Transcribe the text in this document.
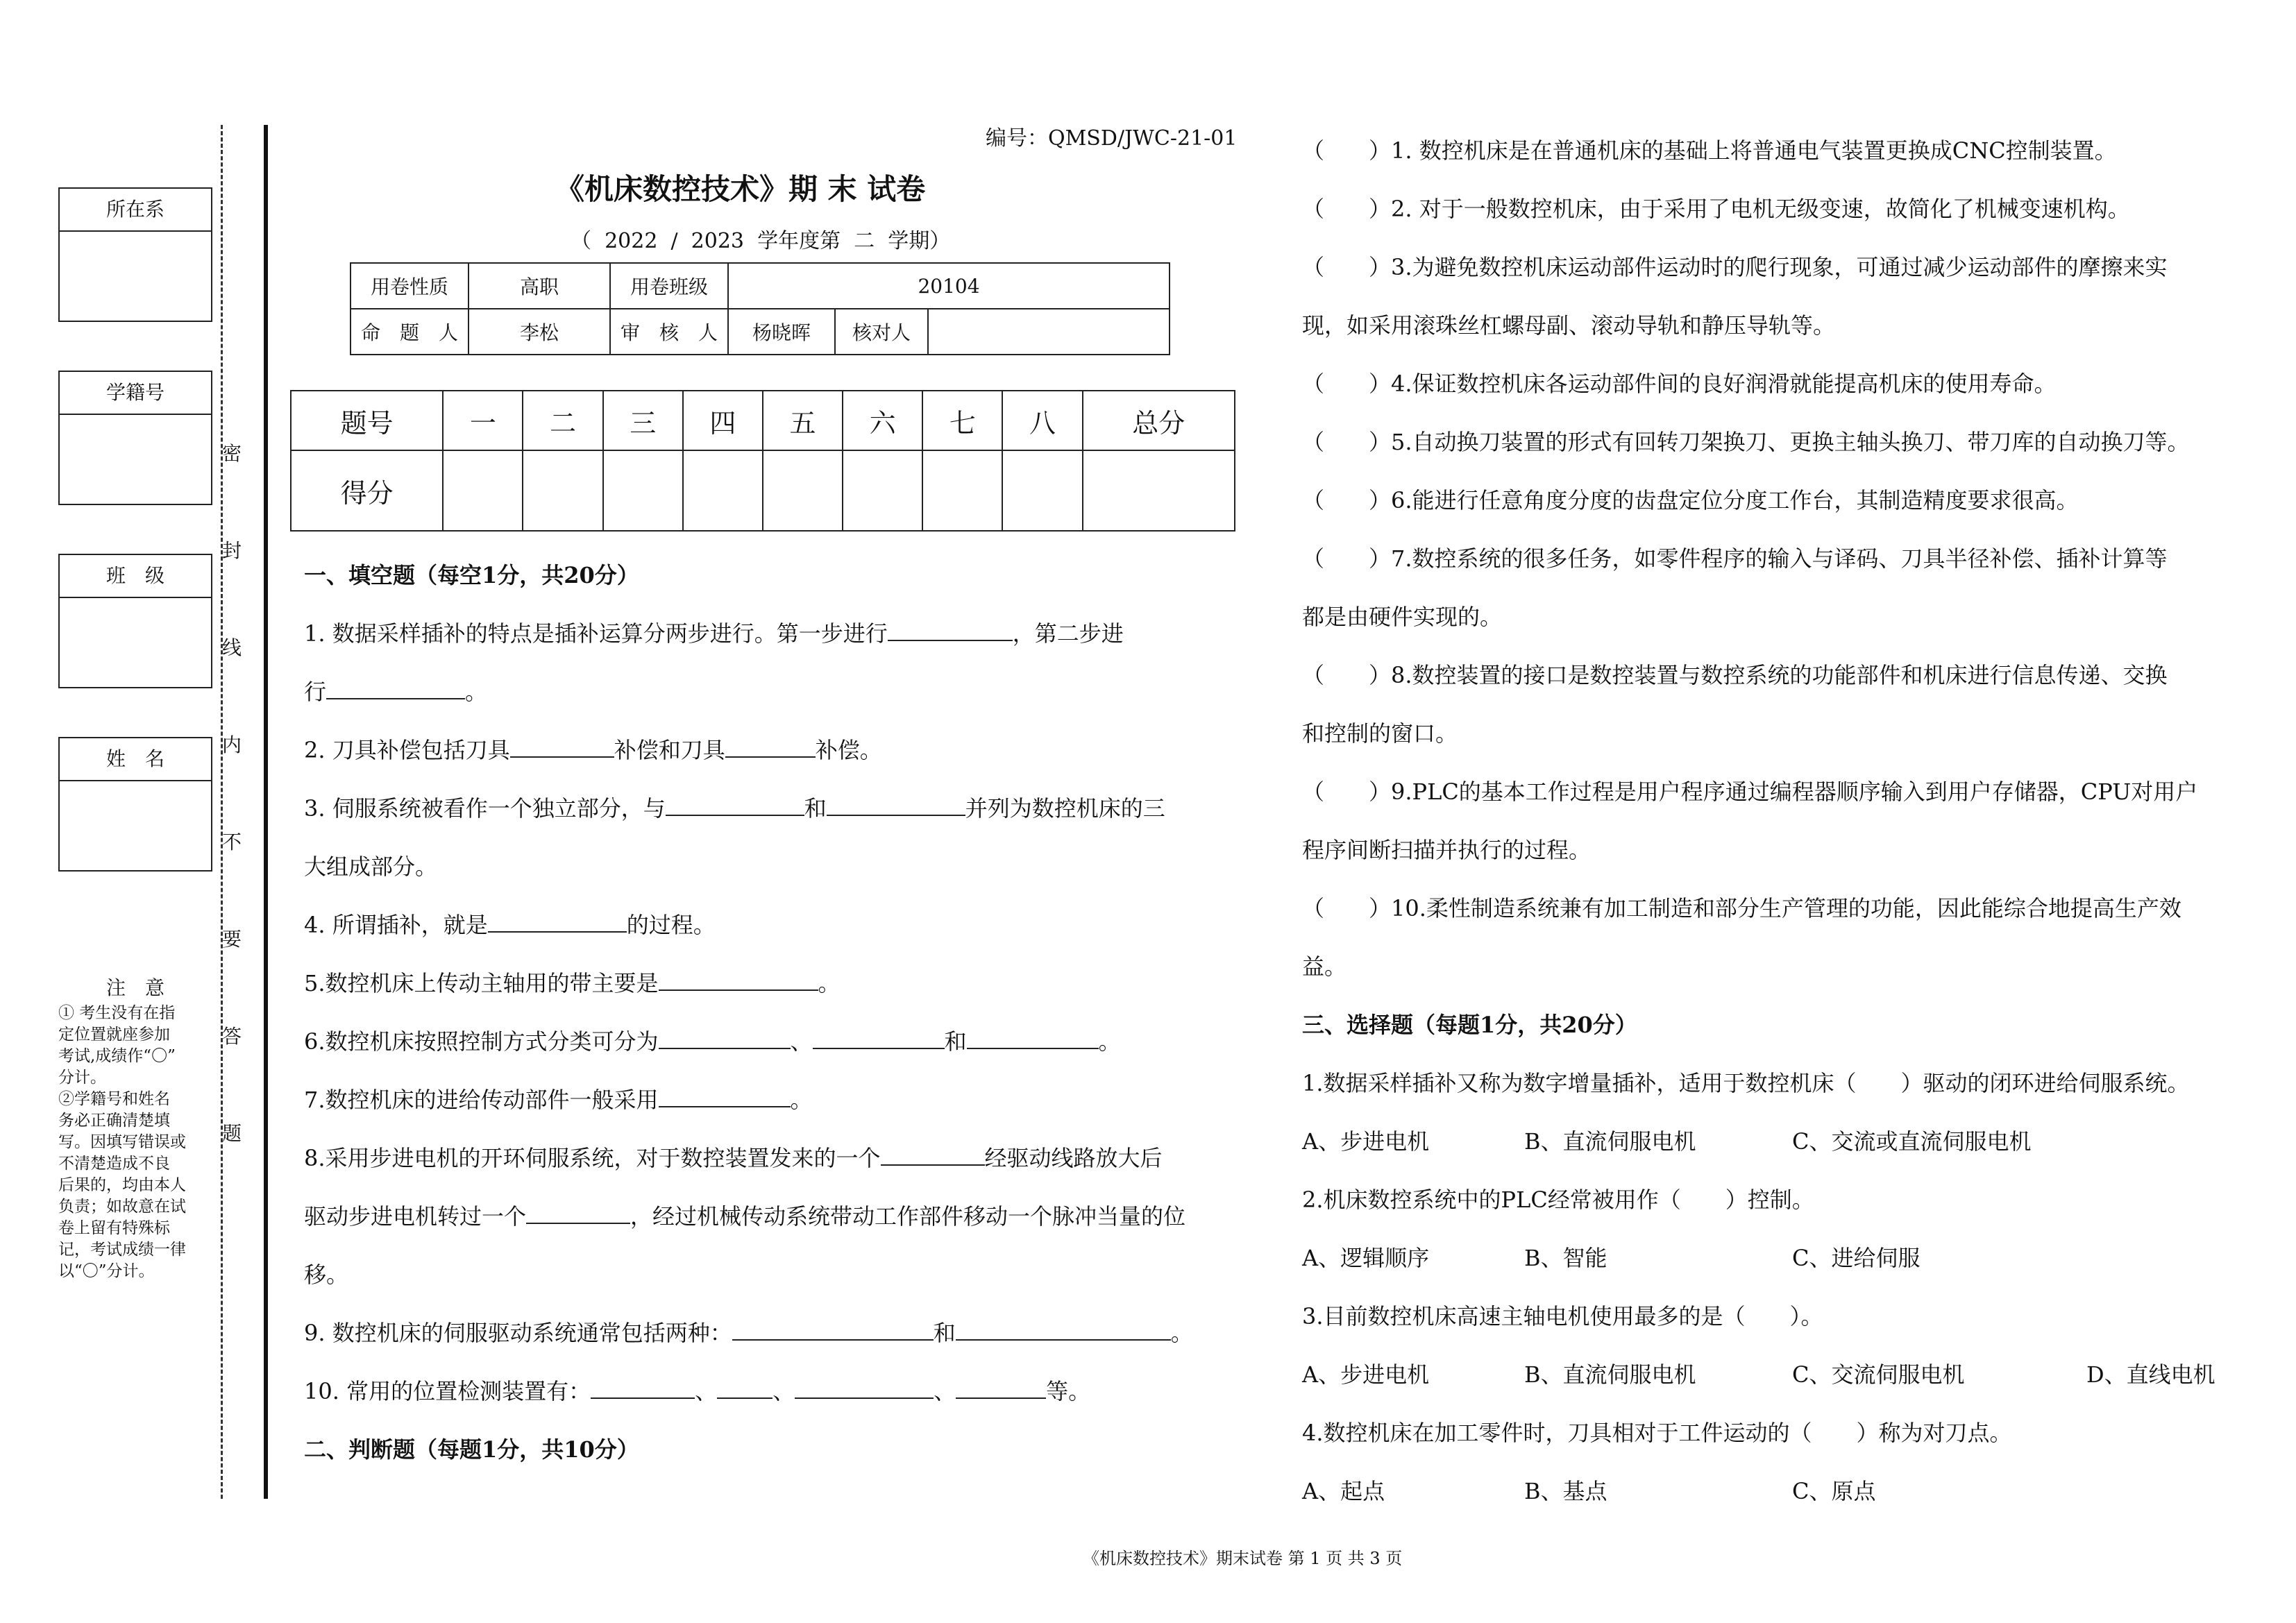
所在系
学籍号
班　级
姓　名
注　意
① 考生没有在指
定位置就座参加
考试,成绩作“〇”
分计。
②学籍号和姓名
务必正确清楚填
写。因填写错误或
不清楚造成不良
后果的，均由本人
负责；如故意在试
卷上留有特殊标
记，考试成绩一律
以“〇”分计。
密
封
线
内
不
要
答
题
编号：QMSD/JWC-21-01
《机床数控技术》期 末 试卷
（  2022  /  2023  学年度第  二  学期）
用卷性质	高职	用卷班级	20104		
命　题　人	李松	审　核　人	杨晓晖	核对人	
题号	一	二	三	四	五	六	七	八	总分
得分									
一、填空题（每空1分，共20分）
1. 数据采样插补的特点是插补运算分两步进行。第一步进行	，第二步进
行	。
2. 刀具补偿包括刀具	补偿和刀具	补偿。
3. 伺服系统被看作一个独立部分，与	和	并列为数控机床的三
大组成部分。
4. 所谓插补，就是	的过程。
5.数控机床上传动主轴用的带主要是	。
6.数控机床按照控制方式分类可分为	、	和	。
7.数控机床的进给传动部件一般采用	。
8.采用步进电机的开环伺服系统，对于数控装置发来的一个	经驱动线路放大后
驱动步进电机转过一个	，经过机械传动系统带动工作部件移动一个脉冲当量的位
移。
9. 数控机床的伺服驱动系统通常包括两种：	和	。
10. 常用的位置检测装置有：	、	、	、	等。
二、判断题（每题1分，共10分）
（　　）1. 数控机床是在普通机床的基础上将普通电气装置更换成CNC控制装置。
（　　）2. 对于一般数控机床，由于采用了电机无级变速，故简化了机械变速机构。
（　　）3.为避免数控机床运动部件运动时的爬行现象，可通过减少运动部件的摩擦来实
现，如采用滚珠丝杠螺母副、滚动导轨和静压导轨等。
（　　）4.保证数控机床各运动部件间的良好润滑就能提高机床的使用寿命。
（　　）5.自动换刀装置的形式有回转刀架换刀、更换主轴头换刀、带刀库的自动换刀等。
（　　）6.能进行任意角度分度的齿盘定位分度工作台，其制造精度要求很高。
（　　）7.数控系统的很多任务，如零件程序的输入与译码、刀具半径补偿、插补计算等
都是由硬件实现的。
（　　）8.数控装置的接口是数控装置与数控系统的功能部件和机床进行信息传递、交换
和控制的窗口。
（　　）9.PLC的基本工作过程是用户程序通过编程器顺序输入到用户存储器，CPU对用户
程序间断扫描并执行的过程。
（　　）10.柔性制造系统兼有加工制造和部分生产管理的功能，因此能综合地提高生产效
益。
三、选择题（每题1分，共20分）
1.数据采样插补又称为数字增量插补，适用于数控机床（　　）驱动的闭环进给伺服系统。
A、步进电机	B、直流伺服电机	C、交流或直流伺服电机
2.机床数控系统中的PLC经常被用作（　　）控制。
A、逻辑顺序	B、智能	C、进给伺服
3.目前数控机床高速主轴电机使用最多的是（　　）。
A、步进电机	B、直流伺服电机	C、交流伺服电机	D、直线电机
4.数控机床在加工零件时，刀具相对于工件运动的（　　）称为对刀点。
A、起点	B、基点	C、原点
《机床数控技术》期末试卷 第 1 页 共 3 页
